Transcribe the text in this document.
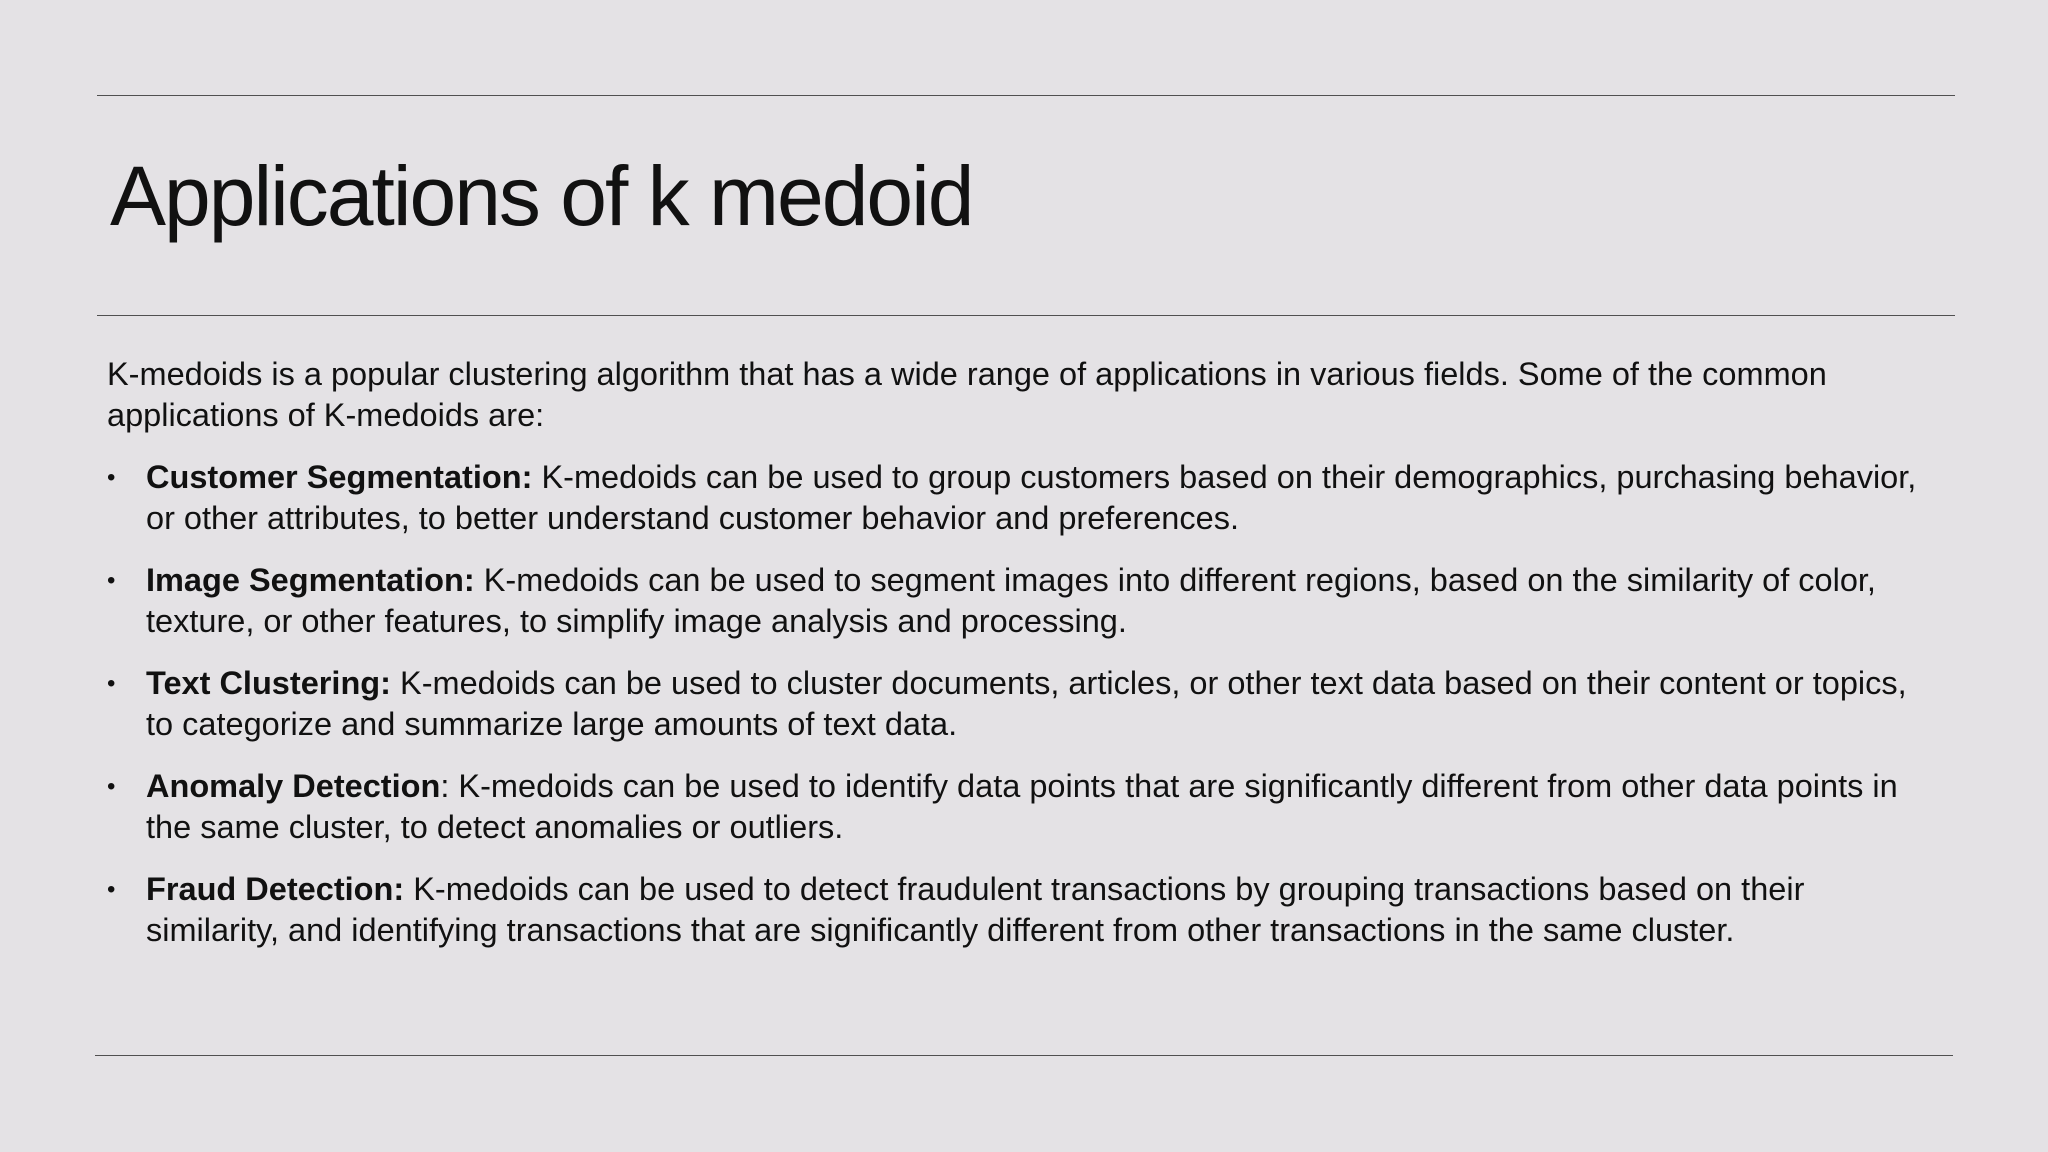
Applications of k medoid

K-medoids is a popular clustering algorithm that has a wide range of applications in various fields. Some of the common applications of K-medoids are:

• Customer Segmentation: K-medoids can be used to group customers based on their demographics, purchasing behavior, or other attributes, to better understand customer behavior and preferences.
• Image Segmentation: K-medoids can be used to segment images into different regions, based on the similarity of color, texture, or other features, to simplify image analysis and processing.
• Text Clustering: K-medoids can be used to cluster documents, articles, or other text data based on their content or topics, to categorize and summarize large amounts of text data.
• Anomaly Detection: K-medoids can be used to identify data points that are significantly different from other data points in the same cluster, to detect anomalies or outliers.
• Fraud Detection: K-medoids can be used to detect fraudulent transactions by grouping transactions based on their similarity, and identifying transactions that are significantly different from other transactions in the same cluster.
